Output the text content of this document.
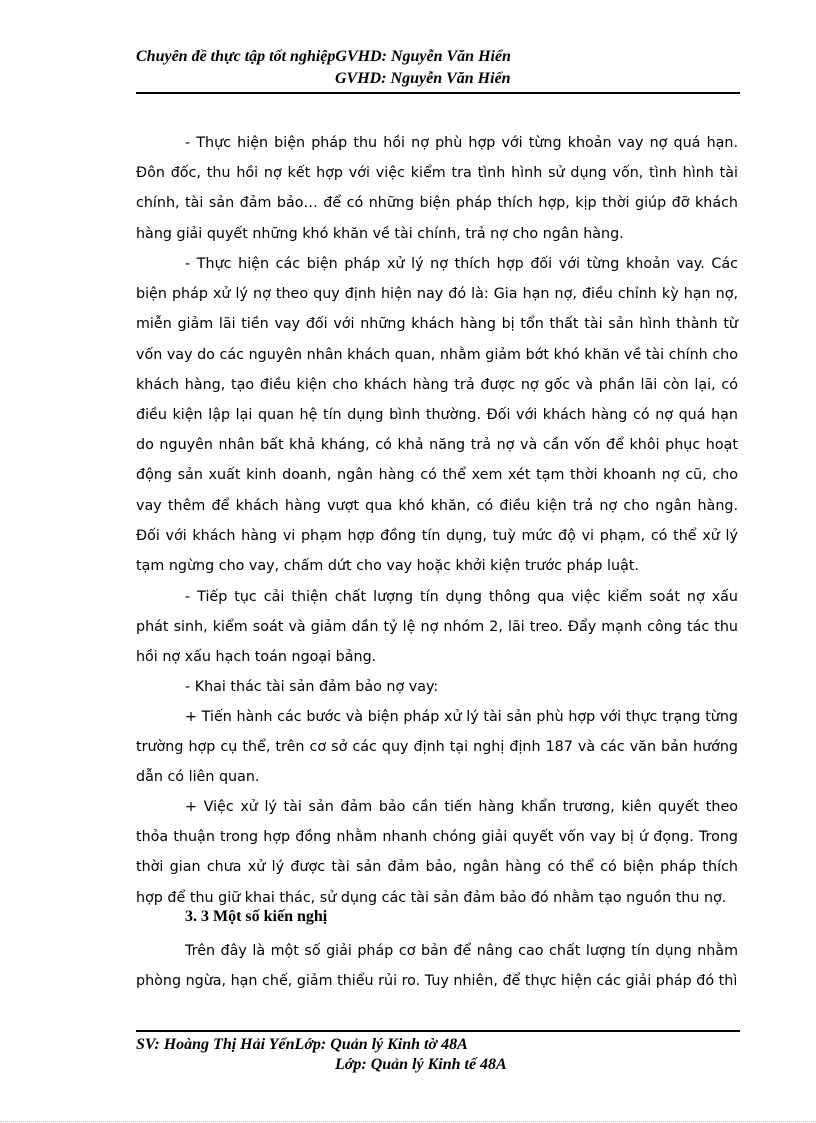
Chuyên đề thực tập tốt nghiệpGVHD: Nguyễn Văn Hiển
GVHD: Nguyễn Văn Hiển
- Thực hiện biện pháp thu hồi nợ phù hợp với từng khoản vay nợ quá hạn. Đôn đốc, thu hồi nợ kết hợp với việc kiểm tra tình hình sử dụng vốn, tình hình tài chính, tài sản đảm bảo… để có những biện pháp thích hợp, kịp thời giúp đỡ khách hàng giải quyết những khó khăn về tài chính, trả nợ cho ngân hàng.
- Thực hiện các biện pháp xử lý nợ thích hợp đối với từng khoản vay. Các biện pháp xử lý nợ theo quy định hiện nay đó là: Gia hạn nợ, điều chỉnh kỳ hạn nợ, miễn giảm lãi tiền vay đối với những khách hàng bị tổn thất tài sản hình thành từ vốn vay do các nguyên nhân khách quan, nhằm giảm bớt khó khăn về tài chính cho khách hàng, tạo điều kiện cho khách hàng trả được nợ gốc và phần lãi còn lại, có điều kiện lập lại quan hệ tín dụng bình thường. Đối với khách hàng có nợ quá hạn do nguyên nhân bất khả kháng, có khả năng trả nợ và cần vốn để khôi phục hoạt động sản xuất kinh doanh, ngân hàng có thể xem xét tạm thời khoanh nợ cũ, cho vay thêm để khách hàng vượt qua khó khăn, có điều kiện trả nợ cho ngân hàng. Đối với khách hàng vi phạm hợp đồng tín dụng, tuỳ mức độ vi phạm, có thể xử lý tạm ngừng cho vay, chấm dứt cho vay hoặc khởi kiện trước pháp luật.
- Tiếp tục cải thiện chất lượng tín dụng thông qua việc kiểm soát nợ xấu phát sinh, kiểm soát và giảm dần tỷ lệ nợ nhóm 2, lãi treo. Đẩy mạnh công tác thu hồi nợ xấu hạch toán ngoại bảng.
- Khai thác tài sản đảm bảo nợ vay:
+ Tiến hành các bước và biện pháp xử lý tài sản phù hợp với thực trạng từng trường hợp cụ thể, trên cơ sở các quy định tại nghị định 187 và các văn bản hướng dẫn có liên quan.
+ Việc xử lý tài sản đảm bảo cần tiến hàng khẩn trương, kiên quyết theo thỏa thuận trong hợp đồng nhằm nhanh chóng giải quyết vốn vay bị ứ đọng. Trong thời gian chưa xử lý được tài sản đảm bảo, ngân hàng có thể có biện pháp thích hợp để thu giữ khai thác, sử dụng các tài sản đảm bảo đó nhằm tạo nguồn thu nợ.
3. 3 Một số kiến nghị
Trên đây là một số giải pháp cơ bản để nâng cao chất lượng tín dụng nhằm phòng ngừa, hạn chế, giảm thiểu rủi ro. Tuy nhiên, để thực hiện các giải pháp đó thì
SV: Hoàng Thị Hải YếnLớp: Quản lý Kinh tờ 48A
Lớp: Quản lý Kinh tế 48A
